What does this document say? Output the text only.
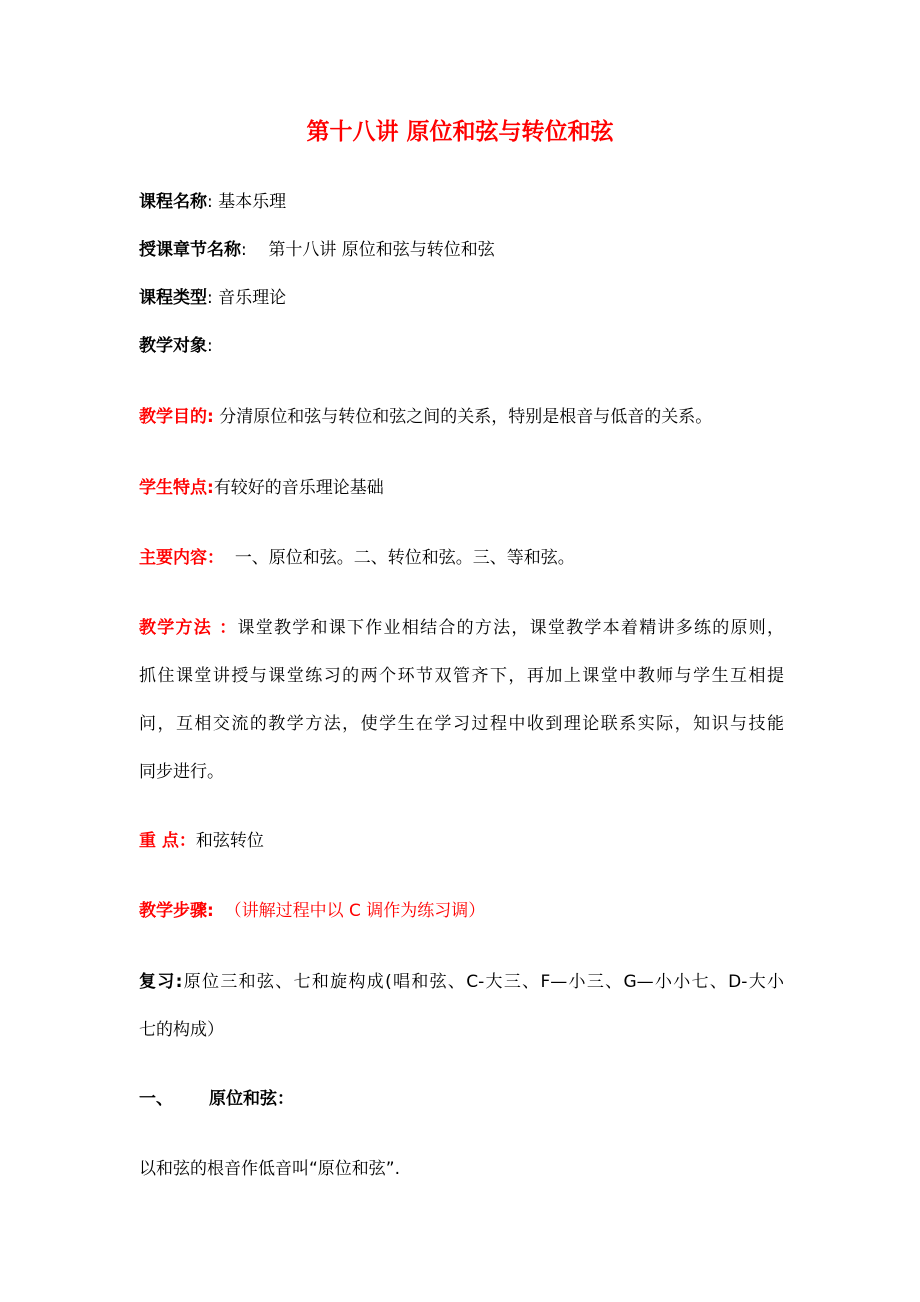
第十八讲 原位和弦与转位和弦
课程名称: 基本乐理
授课章节名称: 第十八讲 原位和弦与转位和弦
课程类型: 音乐理论
教学对象:
教学目的: 分清原位和弦与转位和弦之间的关系，特别是根音与低音的关系。
学生特点:有较好的音乐理论基础
主要内容： 一、原位和弦。二、转位和弦。三、等和弦。
教学方法 ：课堂教学和课下作业相结合的方法，课堂教学本着精讲多练的原则，
抓住课堂讲授与课堂练习的两个环节双管齐下，再加上课堂中教师与学生互相提
问，互相交流的教学方法，使学生在学习过程中收到理论联系实际，知识与技能
同步进行。
重 点：和弦转位
教学步骤: （讲解过程中以 C 调作为练习调）
复习:原位三和弦、七和旋构成(唱和弦、C-大三、F—小三、G—小小七、D-大小
七的构成）
一、 原位和弦：
以和弦的根音作低音叫“原位和弦”.
